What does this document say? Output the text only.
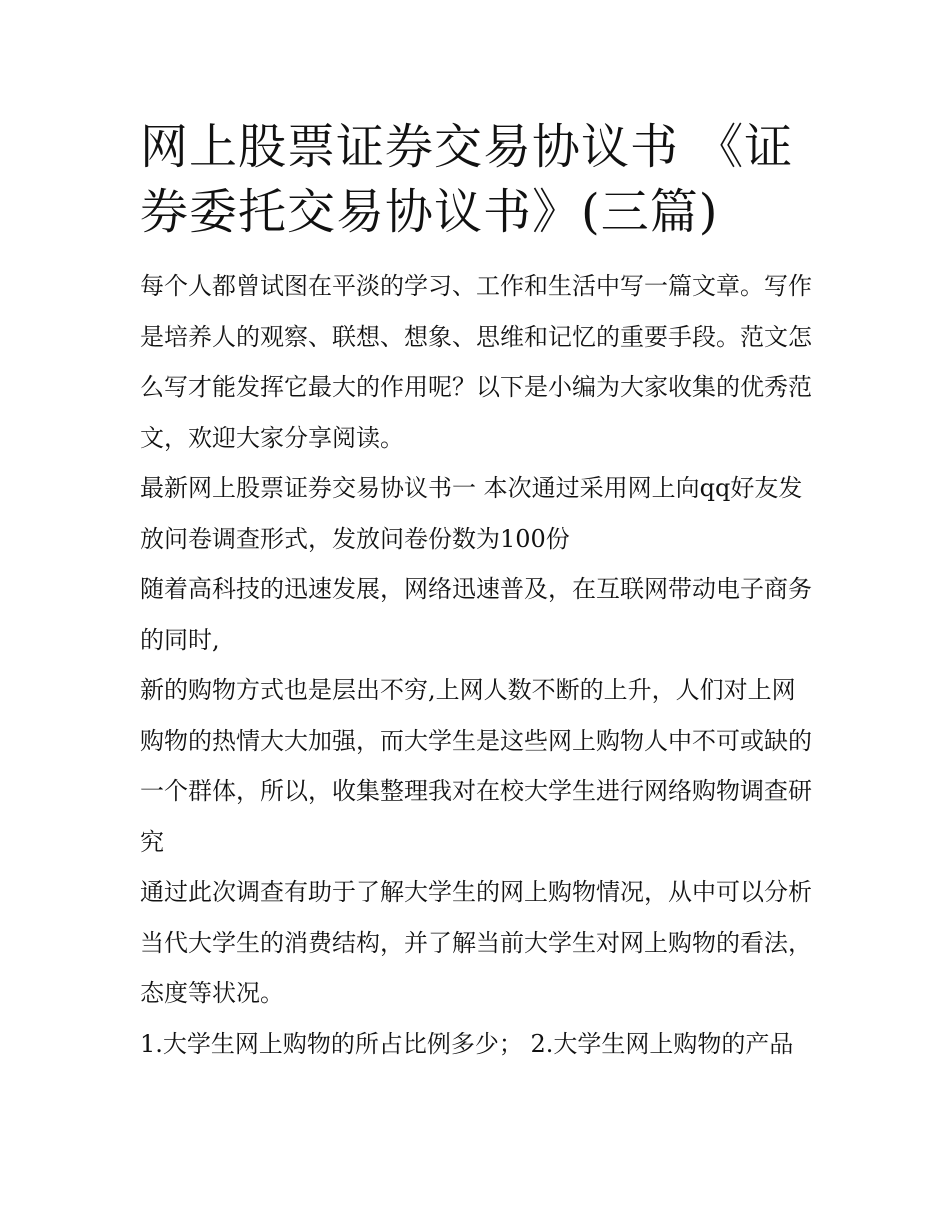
网上股票证券交易协议书 《证券委托交易协议书》(三篇)

每个人都曾试图在平淡的学习、工作和生活中写一篇文章。写作是培养人的观察、联想、想象、思维和记忆的重要手段。范文怎么写才能发挥它最大的作用呢？以下是小编为大家收集的优秀范文，欢迎大家分享阅读。

最新网上股票证券交易协议书一 本次通过采用网上向qq好友发放问卷调查形式，发放问卷份数为100份

随着高科技的迅速发展，网络迅速普及，在互联网带动电子商务的同时,

新的购物方式也是层出不穷,上网人数不断的上升，人们对上网购物的热情大大加强，而大学生是这些网上购物人中不可或缺的一个群体，所以，收集整理我对在校大学生进行网络购物调查研究

通过此次调查有助于了解大学生的网上购物情况，从中可以分析当代大学生的消费结构，并了解当前大学生对网上购物的看法，态度等状况。

1.大学生网上购物的所占比例多少； 2.大学生网上购物的产品
